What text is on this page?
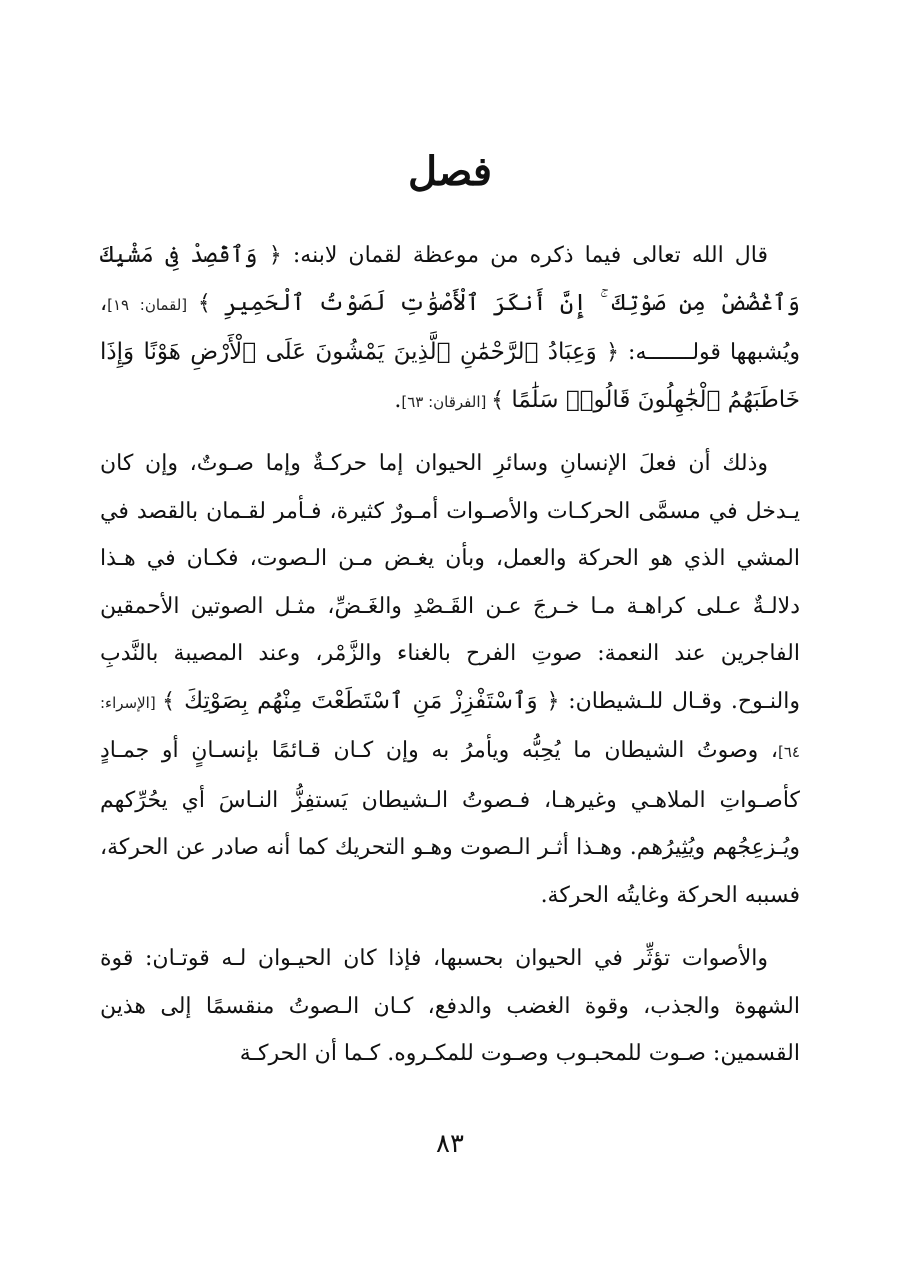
فصل

قال الله تعالى فيما ذكره من موعظة لقمان لابنه: ﴿ وَٱقْصِدْ فِى مَشْيِكَ وَٱغْضُضْ مِن صَوْتِكَ ۚ إِنَّ أَنكَرَ ٱلْأَصْوَٰتِ لَصَوْتُ ٱلْحَمِيرِ ﴾ [لقمان: ١٩]، ويُشبهها قولـــــــه: ﴿ وَعِبَادُ ٱلرَّحْمَٰنِ ٱلَّذِينَ يَمْشُونَ عَلَى ٱلْأَرْضِ هَوْنًا وَإِذَا خَاطَبَهُمُ ٱلْجَٰهِلُونَ قَالُوا۟ سَلَٰمًا ﴾ [الفرقان: ٦٣].

وذلك أن فعلَ الإنسانِ وسائرِ الحيوان إما حركـةٌ وإما صـوتٌ، وإن كان يـدخل في مسمَّى الحركـات والأصـوات أمـورٌ كثيرة، فـأمر لقـمان بالقصد في المشي الذي هو الحركة والعمل، وبأن يغـض مـن الـصوت، فكـان في هـذا دلالـةٌ عـلى كراهـة مـا خـرجَ عـن القَـصْدِ والغَـضِّ، مثـل الصوتين الأحمقين الفاجرين عند النعمة: صوتِ الفرح بالغناء والزَّمْر، وعند المصيبة بالنَّدبِ والنـوح. وقـال للـشيطان: ﴿ وَٱسْتَفْزِزْ مَنِ ٱسْتَطَعْتَ مِنْهُم بِصَوْتِكَ ﴾ [الإسراء: ٦٤]، وصوتُ الشيطان ما يُحِبُّه ويأمرُ به وإن كـان قـائمًا بإنسـانٍ أو جمـادٍ كأصـواتِ الملاهـي وغيرهـا، فـصوتُ الـشيطان يَستفِزُّ النـاسَ أي يحُرِّكهم ويُـزعِجُهم ويُثِيرُهم. وهـذا أثـر الـصوت وهـو التحريك كما أنه صادر عن الحركة، فسببه الحركة وغايتُه الحركة.

والأصوات تؤثِّر في الحيوان بحسبها، فإذا كان الحيـوان لـه قوتـان: قوة الشهوة والجذب، وقوة الغضب والدفع، كـان الـصوتُ منقسمًا إلى هذين القسمين: صـوت للمحبـوب وصـوت للمكـروه. كـما أن الحركـة

٨٣
